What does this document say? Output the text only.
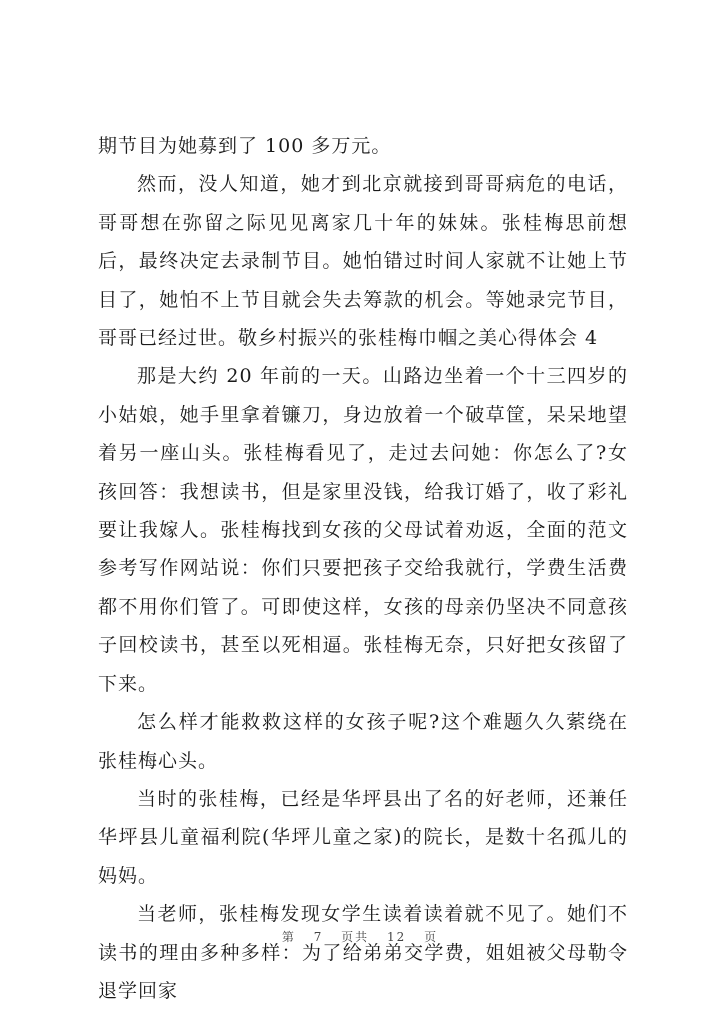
期节目为她募到了 100 多万元。

然而，没人知道，她才到北京就接到哥哥病危的电话，哥哥想在弥留之际见见离家几十年的妹妹。张桂梅思前想后，最终决定去录制节目。她怕错过时间人家就不让她上节目了，她怕不上节目就会失去筹款的机会。等她录完节目，哥哥已经过世。敬乡村振兴的张桂梅巾帼之美心得体会 4

那是大约 20 年前的一天。山路边坐着一个十三四岁的小姑娘，她手里拿着镰刀，身边放着一个破草筐，呆呆地望着另一座山头。张桂梅看见了，走过去问她：你怎么了?女孩回答：我想读书，但是家里没钱，给我订婚了，收了彩礼要让我嫁人。张桂梅找到女孩的父母试着劝返，全面的范文参考写作网站说：你们只要把孩子交给我就行，学费生活费都不用你们管了。可即使这样，女孩的母亲仍坚决不同意孩子回校读书，甚至以死相逼。张桂梅无奈，只好把女孩留了下来。

怎么样才能救救这样的女孩子呢?这个难题久久萦绕在张桂梅心头。

当时的张桂梅，已经是华坪县出了名的好老师，还兼任华坪县儿童福利院(华坪儿童之家)的院长，是数十名孤儿的妈妈。

当老师，张桂梅发现女学生读着读着就不见了。她们不读书的理由多种多样：为了给弟弟交学费，姐姐被父母勒令退学回家

第 7 页共 12 页
